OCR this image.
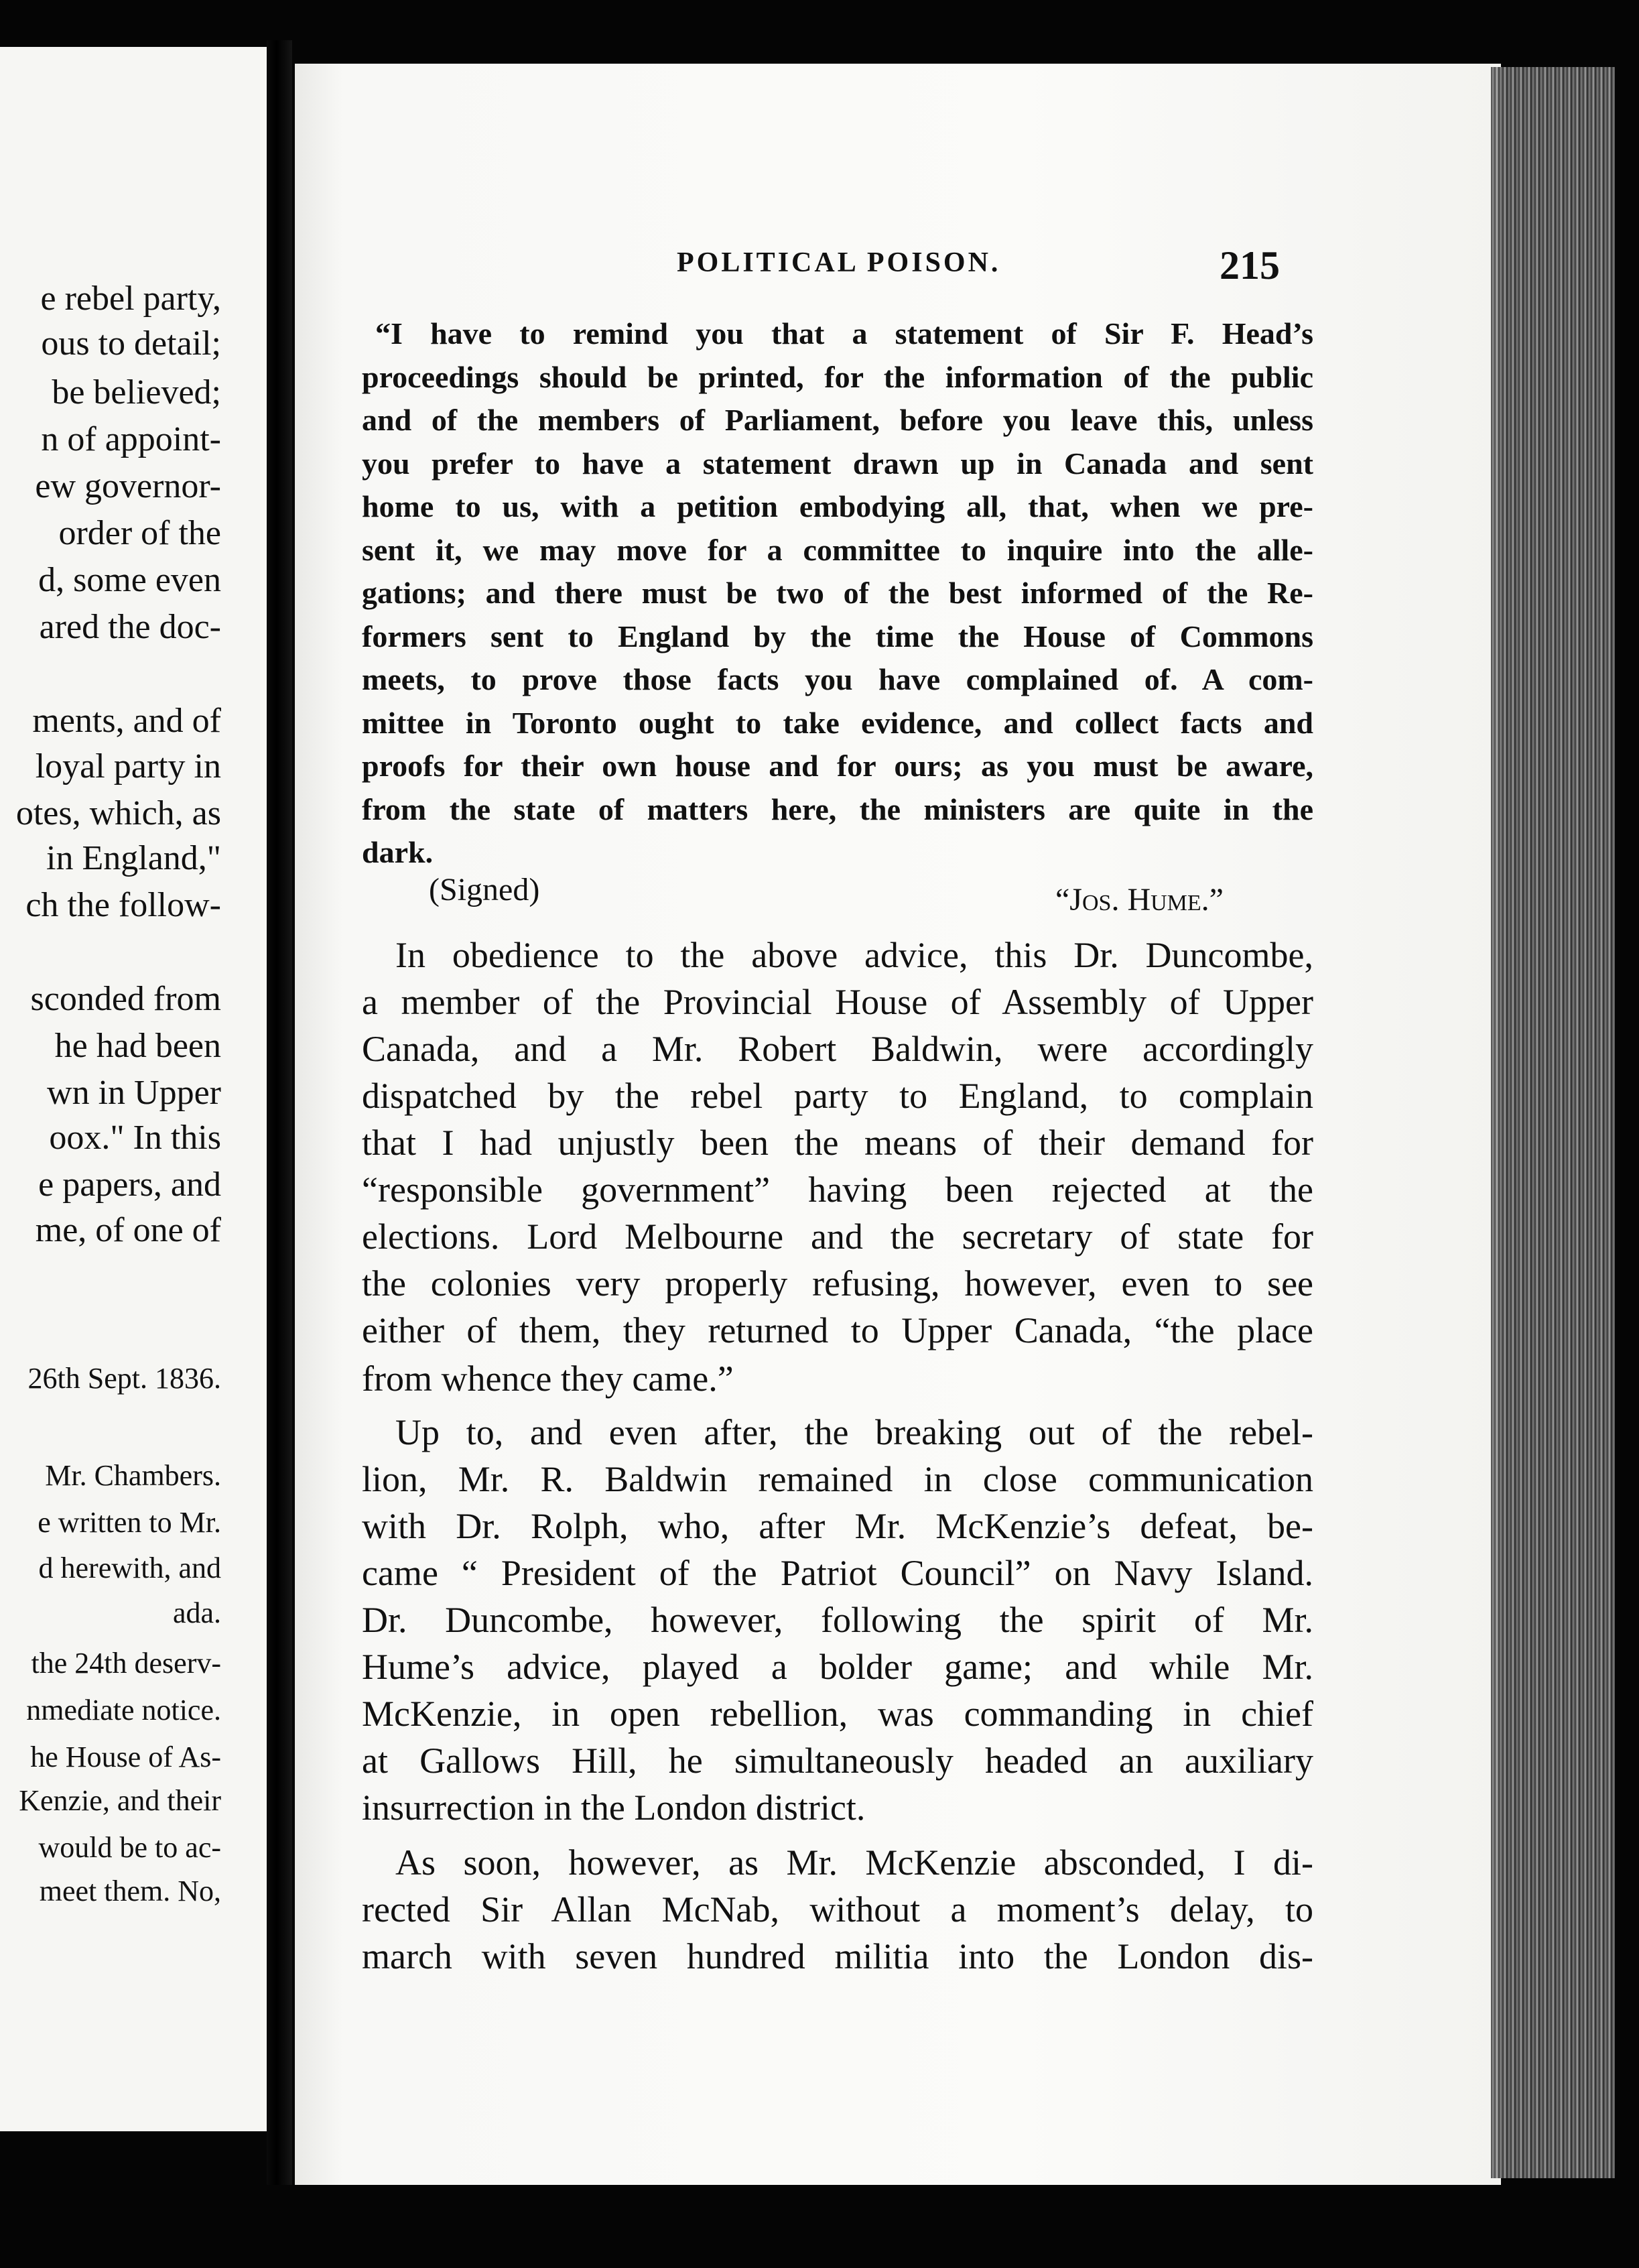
e rebel party,
ous to detail;
be believed;
n of appoint-
ew governor-
order of the
d, some even
ared the doc-
ments, and of
loyal party in
otes, which, as
in England,"
ch the follow-
sconded from
he had been
wn in Upper
oox." In this
e papers, and
me, of one of
26th Sept. 1836.
Mr. Chambers.
e written to Mr.
d herewith, and
ada.
the 24th deserv-
nmediate notice.
he House of As-
Kenzie, and their
would be to ac-
meet them. No,
POLITICAL POISON.	215
“I have to remind you that a statement of Sir F. Head’s
proceedings should be printed, for the information of the public
and of the members of Parliament, before you leave this, unless
you prefer to have a statement drawn up in Canada and sent
home to us, with a petition embodying all, that, when we pre-
sent it, we may move for a committee to inquire into the alle-
gations; and there must be two of the best informed of the Re-
formers sent to England by the time the House of Commons
meets, to prove those facts you have complained of. A com-
mittee in Toronto ought to take evidence, and collect facts and
proofs for their own house and for ours; as you must be aware,
from the state of matters here, the ministers are quite in the
dark.
(Signed)	“Jos. Hume.”
In obedience to the above advice, this Dr. Duncombe,
a member of the Provincial House of Assembly of Upper
Canada, and a Mr. Robert Baldwin, were accordingly
dispatched by the rebel party to England, to complain
that I had unjustly been the means of their demand for
“responsible government” having been rejected at the
elections. Lord Melbourne and the secretary of state for
the colonies very properly refusing, however, even to see
either of them, they returned to Upper Canada, “the place
from whence they came.”
Up to, and even after, the breaking out of the rebel-
lion, Mr. R. Baldwin remained in close communication
with Dr. Rolph, who, after Mr. McKenzie’s defeat, be-
came “ President of the Patriot Council” on Navy Island.
Dr. Duncombe, however, following the spirit of Mr.
Hume’s advice, played a bolder game; and while Mr.
McKenzie, in open rebellion, was commanding in chief
at Gallows Hill, he simultaneously headed an auxiliary
insurrection in the London district.
As soon, however, as Mr. McKenzie absconded, I di-
rected Sir Allan McNab, without a moment’s delay, to
march with seven hundred militia into the London dis-
